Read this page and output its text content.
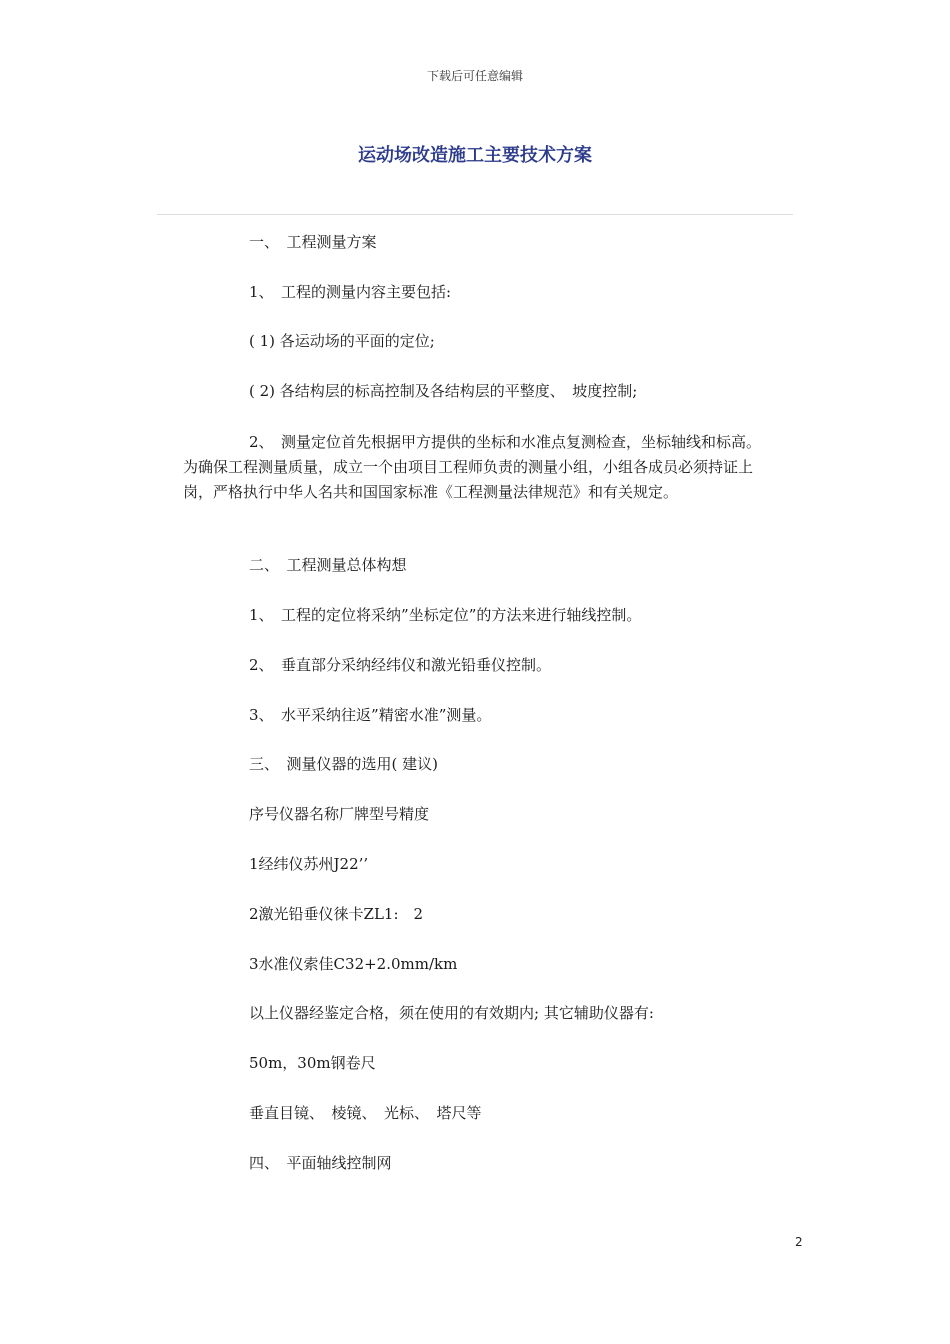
下载后可任意编辑
运动场改造施工主要技术方案
一、　工程测量方案
1、　工程的测量内容主要包括:
( 1) 各运动场的平面的定位;
( 2) 各结构层的标高控制及各结构层的平整度、　坡度控制;
2、　测量定位首先根据甲方提供的坐标和水准点复测检查，坐标轴线和标高。为确保工程测量质量，成立一个由项目工程师负责的测量小组，小组各成员必须持证上岗，严格执行中华人名共和国国家标准《工程测量法律规范》和有关规定。
二、　工程测量总体构想
1、　工程的定位将采纳”坐标定位”的方法来进行轴线控制。
2、　垂直部分采纳经纬仪和激光铅垂仪控制。
3、　水平采纳往返”精密水准”测量。
三、　测量仪器的选用( 建议)
序号仪器名称厂牌型号精度
1经纬仪苏州J22’’
2激光铅垂仪徕卡ZL1:　2
3水准仪索佳C32+2.0mm/km
以上仪器经鉴定合格，须在使用的有效期内; 其它辅助仪器有:
50m，30m钢卷尺
垂直目镜、　棱镜、　光标、　塔尺等
四、　平面轴线控制网
2
